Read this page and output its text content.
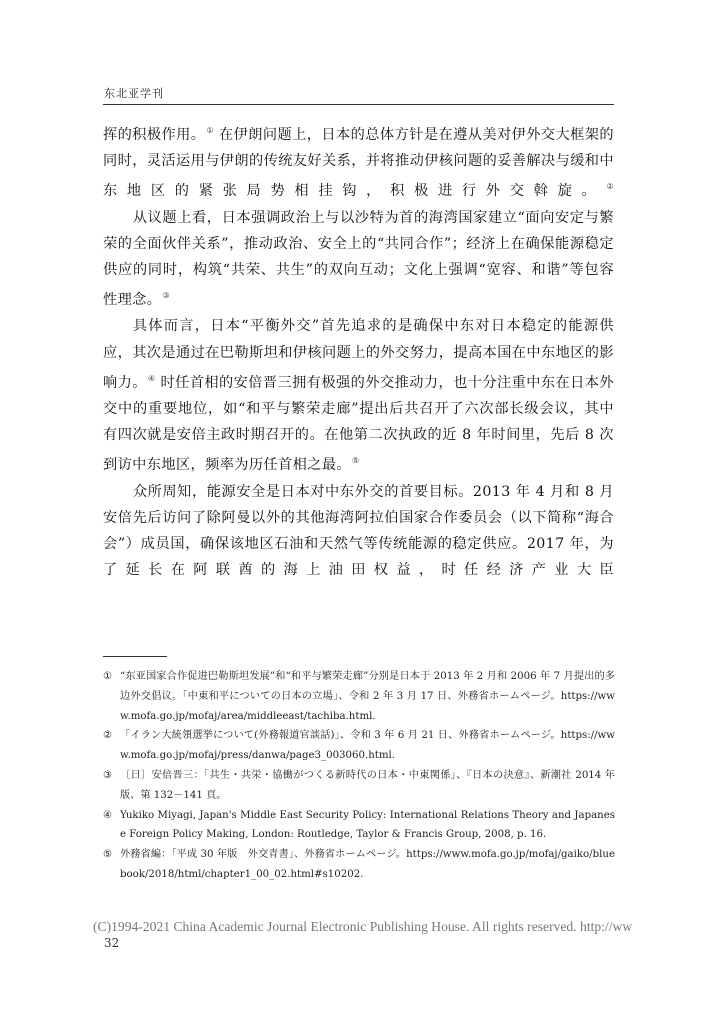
东北亚学刊

挥的积极作用。① 在伊朗问题上，日本的总体方针是在遵从美对伊外交大框架的同时，灵活运用与伊朗的传统友好关系，并将推动伊核问题的妥善解决与缓和中东地区的紧张局势相挂钩，积极进行外交斡旋。②

从议题上看，日本强调政治上与以沙特为首的海湾国家建立“面向安定与繁荣的全面伙伴关系”，推动政治、安全上的“共同合作”；经济上在确保能源稳定供应的同时，构筑“共荣、共生”的双向互动；文化上强调“宽容、和谐”等包容性理念。③

具体而言，日本“平衡外交”首先追求的是确保中东对日本稳定的能源供应，其次是通过在巴勒斯坦和伊核问题上的外交努力，提高本国在中东地区的影响力。④ 时任首相的安倍晋三拥有极强的外交推动力，也十分注重中东在日本外交中的重要地位，如“和平与繁荣走廊”提出后共召开了六次部长级会议，其中有四次就是安倍主政时期召开的。在他第二次执政的近 8 年时间里，先后 8 次到访中东地区，频率为历任首相之最。⑤

众所周知，能源安全是日本对中东外交的首要目标。2013 年 4 月和 8 月安倍先后访问了除阿曼以外的其他海湾阿拉伯国家合作委员会（以下简称“海合会”）成员国，确保该地区石油和天然气等传统能源的稳定供应。2017 年，为了延长在阿联酋的海上油田权益，时任经济产业大臣

① “东亚国家合作促进巴勒斯坦发展”和“和平与繁荣走廊”分别是日本于 2013 年 2 月和 2006 年 7 月提出的多边外交倡议。「中東和平についての日本の立場」、令和 2 年 3 月 17 日、外務省ホームページ。https://www.mofa.go.jp/mofaj/area/middleeast/tachiba.html.
② 「イラン大統領選挙について(外務報道官談話)」、令和 3 年 6 月 21 日、外務省ホームページ。https://www.mofa.go.jp/mofaj/press/danwa/page3_003060.html.
③ 〔日〕安倍晋三：「共生・共栄・協働がつくる新時代の日本・中東関係」、『日本の決意』、新潮社 2014 年版、第 132－141 頁。
④ Yukiko Miyagi, Japan's Middle East Security Policy: International Relations Theory and Japanese Foreign Policy Making, London: Routledge, Taylor & Francis Group, 2008, p. 16.
⑤ 外務省編：「平成 30 年版　外交青書」、外務省ホームページ。https://www.mofa.go.jp/mofaj/gaiko/bluebook/2018/html/chapter1_00_02.html#s10202.
(C)1994-2021 China Academic Journal Electronic Publishing House. All rights reserved. http://ww
32
